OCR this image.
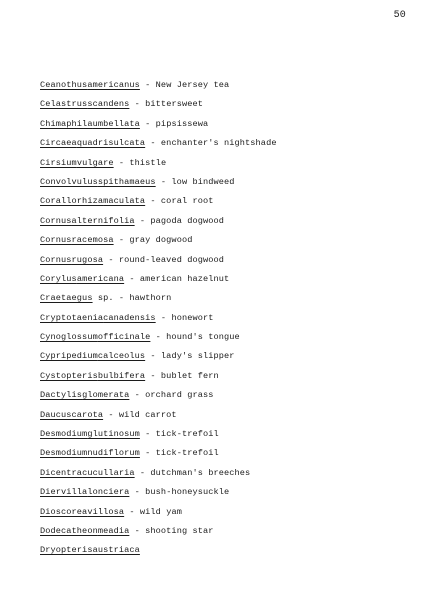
50
Ceanothusamericanus - New Jersey tea
Celastrusscandens - bittersweet
Chimaphilaumbellata - pipsissewa
Circaeaquadrisulcata - enchanter's nightshade
Cirsiumvulgare - thistle
Convolvulusspithamaeus - low bindweed
Corallorhizamaculata - coral root
Cornusalternifolia - pagoda dogwood
Cornusracemosa - gray dogwood
Cornusrugosa - round-leaved dogwood
Corylusamericana - american hazelnut
Craetaegus sp. - hawthorn
Cryptotaeniacanadensis - honewort
Cynoglossumofficinale - hound's tongue
Cypripediumcalceolus - lady's slipper
Cystopterisbulbifera - bublet fern
Dactylisglomerata - orchard grass
Daucuscarota - wild carrot
Desmodiumglutinosum - tick-trefoil
Desmodiumnudiflorum - tick-trefoil
Dicentracucullaria - dutchman's breeches
Diervillalonciera - bush-honeysuckle
Dioscoreavillosa - wild yam
Dodecatheonmeadia - shooting star
Dryopterisaustriaca
